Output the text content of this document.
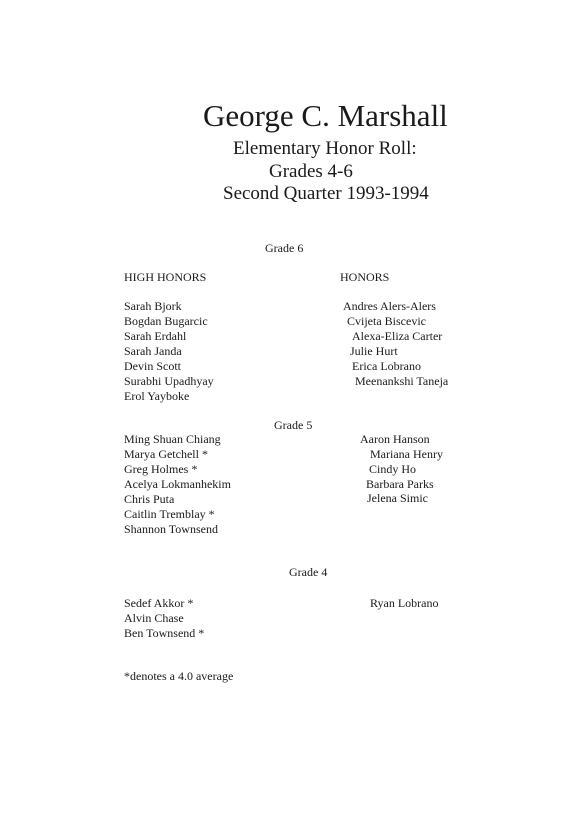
George C. Marshall
Elementary Honor Roll:
Grades 4-6
Second Quarter 1993-1994
Grade 6
HIGH HONORS	HONORS
Sarah Bjork
Bogdan Bugarcic
Sarah Erdahl
Sarah Janda
Devin Scott
Surabhi Upadhyay
Erol Yayboke
Andres Alers-Alers
Cvijeta Biscevic
Alexa-Eliza Carter
Julie Hurt
Erica Lobrano
Meenankshi Taneja
Grade 5
Ming Shuan Chiang
Marya Getchell *
Greg Holmes *
Acelya Lokmanhekim
Chris Puta
Caitlin Tremblay *
Shannon Townsend
Aaron Hanson
Mariana Henry
Cindy Ho
Barbara Parks
Jelena Simic
Grade 4
Sedef Akkor *
Alvin Chase
Ben Townsend *
Ryan Lobrano
*denotes a 4.0 average
